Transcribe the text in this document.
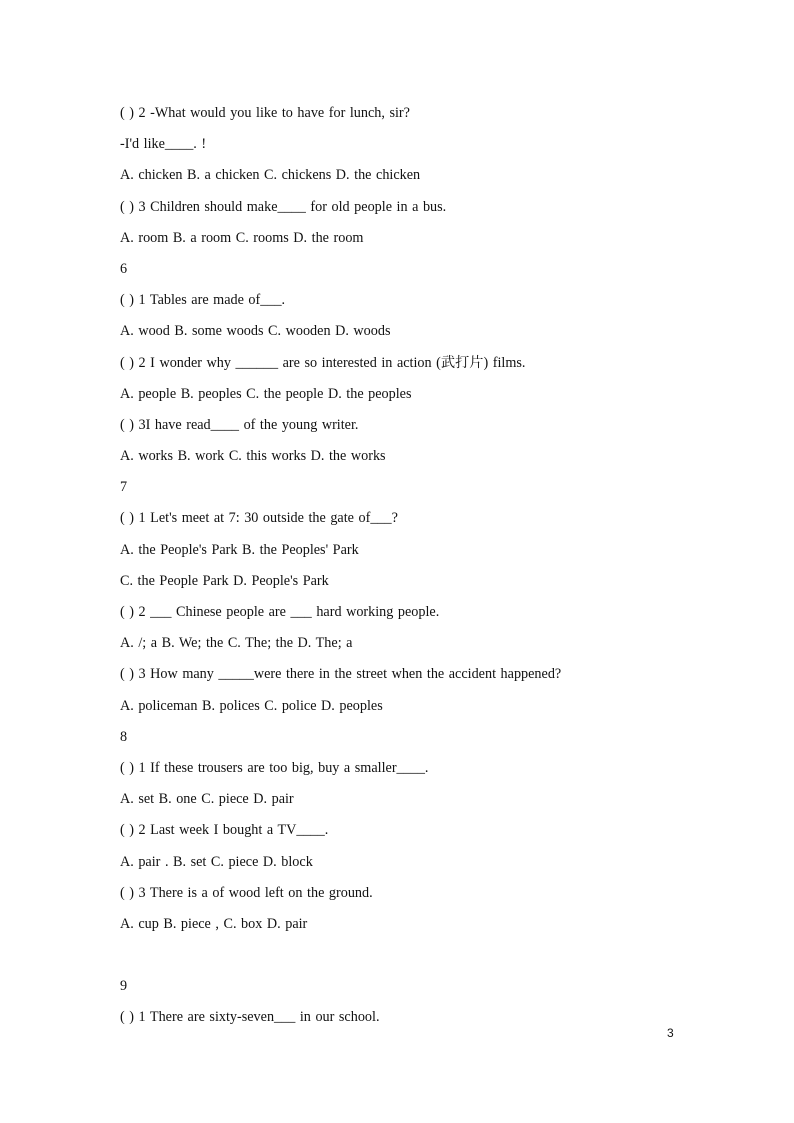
( ) 2 -What would you like to have for lunch, sir?
-I'd like____. !
A. chicken B. a chicken C. chickens D. the chicken
( ) 3 Children should make____ for old people in a bus.
A. room B. a room C. rooms D. the room
6
( ) 1 Tables are made of___.
A. wood B. some woods C. wooden D. woods
( ) 2 I wonder why ______ are so interested in action (武打片) films.
A. people B. peoples C. the people D. the peoples
( ) 3I have read____ of the young writer.
A. works B. work C. this works D. the works
7
( ) 1 Let's meet at 7: 30 outside the gate of___?
A. the People's Park B. the Peoples' Park
C. the People Park D. People's Park
( ) 2 ___ Chinese people are ___ hard working people.
A. /; a B. We; the C. The; the D. The; a
( ) 3 How many _____were there in the street when the accident happened?
A. policeman B. polices C. police D. peoples
8
( ) 1 If these trousers are too big, buy a smaller____.
A. set B. one C. piece D. pair
( ) 2 Last week I bought a TV____.
A. pair . B. set C. piece D. block
( ) 3 There is a of wood left on the ground.
A. cup B. piece , C. box D. pair
9
( ) 1 There are sixty-seven___ in our school.
3
